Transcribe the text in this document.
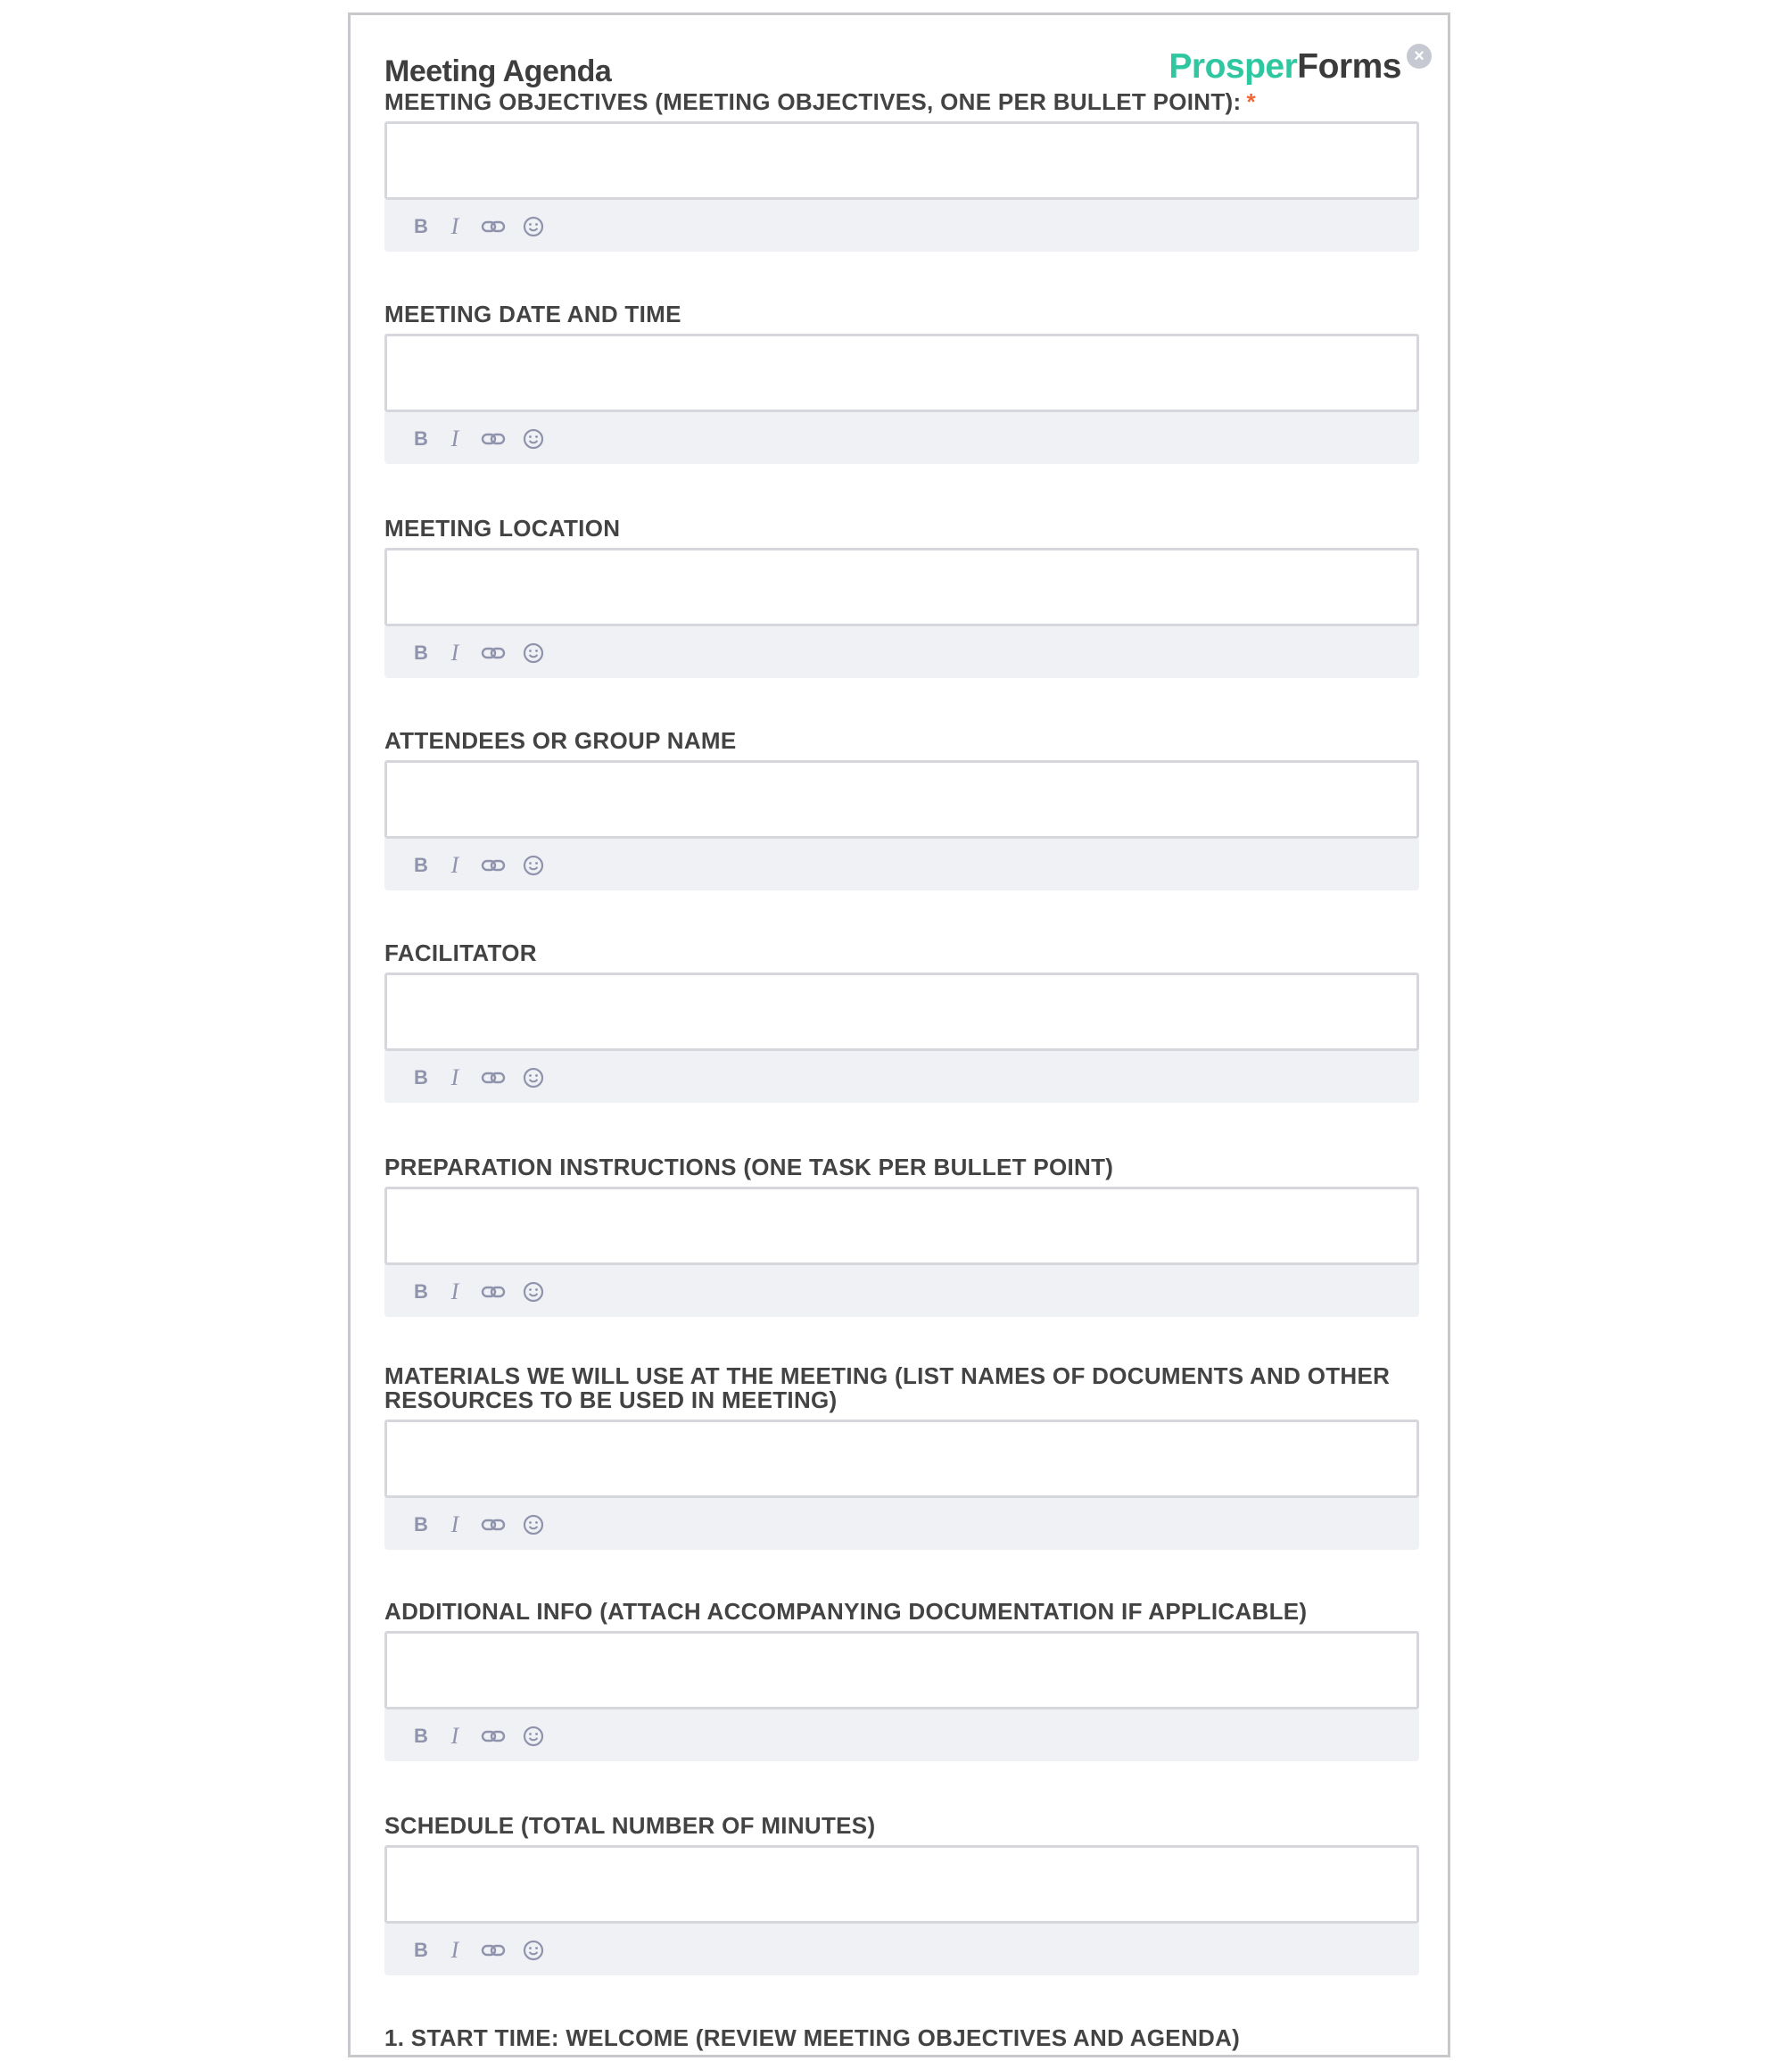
Meeting Agenda	ProsperForms ×
MEETING OBJECTIVES (MEETING OBJECTIVES, ONE PER BULLET POINT): *
B I
MEETING DATE AND TIME
B I
MEETING LOCATION
B I
ATTENDEES OR GROUP NAME
B I
FACILITATOR
B I
PREPARATION INSTRUCTIONS (ONE TASK PER BULLET POINT)
B I
MATERIALS WE WILL USE AT THE MEETING (LIST NAMES OF DOCUMENTS AND OTHER RESOURCES TO BE USED IN MEETING)
B I
ADDITIONAL INFO (ATTACH ACCOMPANYING DOCUMENTATION IF APPLICABLE)
B I
SCHEDULE (TOTAL NUMBER OF MINUTES)
B I
1. START TIME: WELCOME (REVIEW MEETING OBJECTIVES AND AGENDA)
